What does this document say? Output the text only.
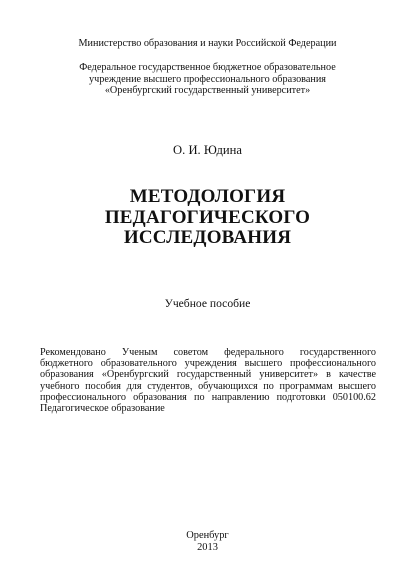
Министерство образования и науки Российской Федерации
Федеральное государственное бюджетное образовательное
учреждение высшего профессионального образования
«Оренбургский государственный университет»
О. И. Юдина
МЕТОДОЛОГИЯ
ПЕДАГОГИЧЕСКОГО
ИССЛЕДОВАНИЯ
Учебное пособие
Рекомендовано Ученым советом федерального государственного бюджетного образовательного учреждения высшего профессионального образования «Оренбургский государственный университет» в качестве учебного пособия для студентов, обучающихся по программам высшего профессионального образования по направлению подготовки 050100.62 Педагогическое образование
Оренбург
2013
